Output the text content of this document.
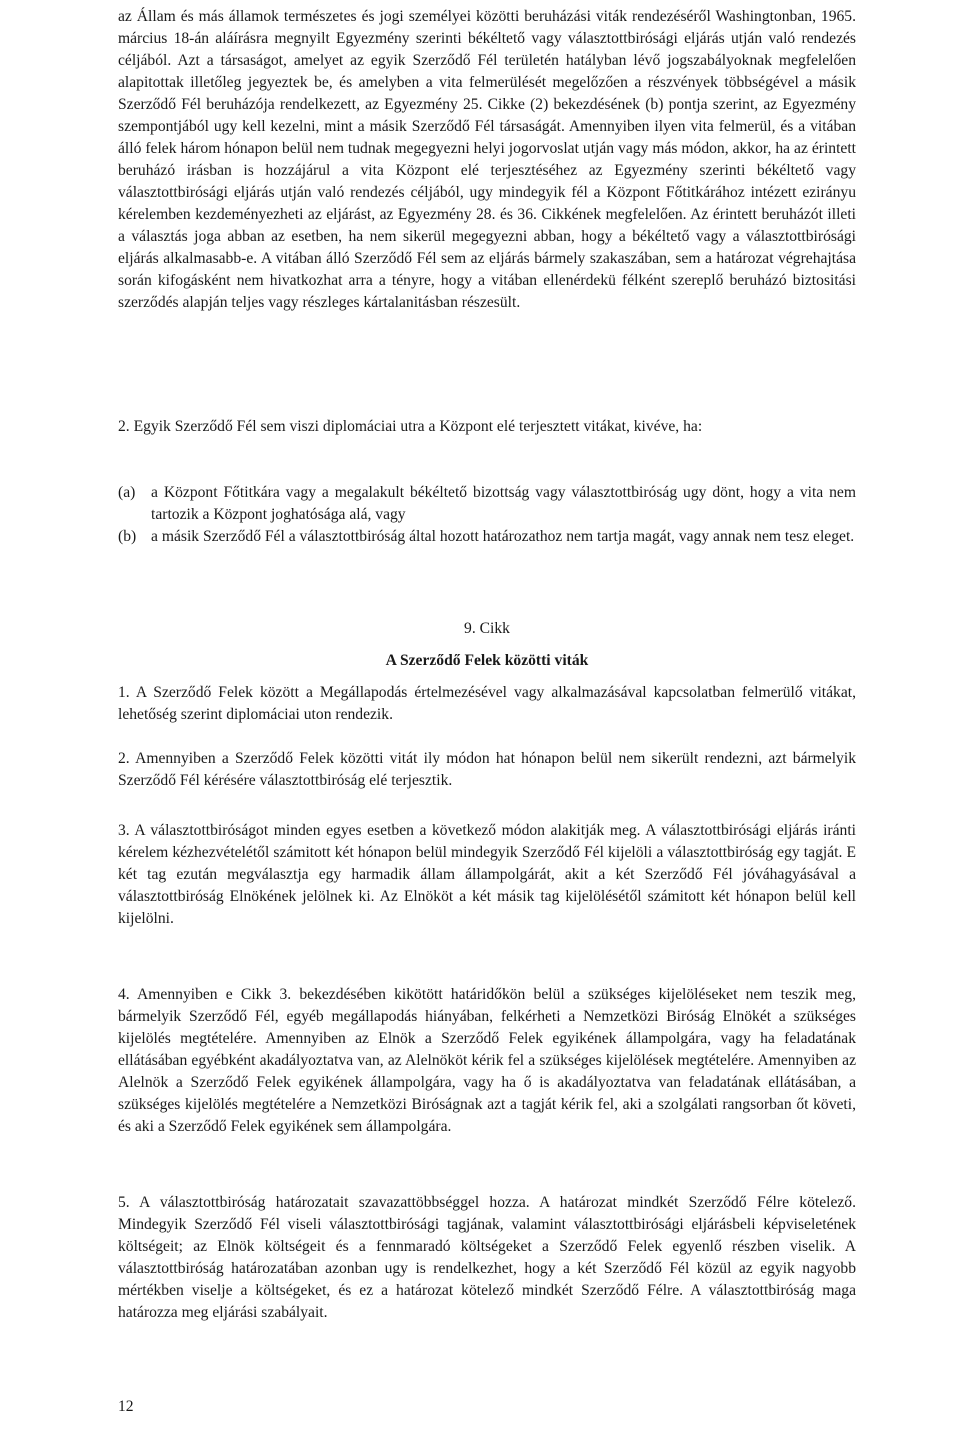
az Állam és más államok természetes és jogi személyei közötti beruházási viták rendezéséről Washingtonban, 1965. március 18-án aláírásra megnyilt Egyezmény szerinti békéltető vagy választottbirósági eljárás utján való rendezés céljából. Azt a társaságot, amelyet az egyik Szerződő Fél területén hatályban lévő jogszabályoknak megfelelően alapitottak illetőleg jegyeztek be, és amelyben a vita felmerülését megelőzően a részvények többségével a másik Szerződő Fél beruházója rendelkezett, az Egyezmény 25. Cikke (2) bekezdésének (b) pontja szerint, az Egyezmény szempontjából ugy kell kezelni, mint a másik Szerződő Fél társaságát. Amennyiben ilyen vita felmerül, és a vitában álló felek három hónapon belül nem tudnak megegyezni helyi jogorvoslat utján vagy más módon, akkor, ha az érintett beruházó irásban is hozzájárul a vita Központ elé terjesztéséhez az Egyezmény szerinti békéltető vagy választottbirósági eljárás utján való rendezés céljából, ugy mindegyik fél a Központ Főtitkárához intézett ezirányu kérelemben kezdeményezheti az eljárást, az Egyezmény 28. és 36. Cikkének megfelelően. Az érintett beruházót illeti a választás joga abban az esetben, ha nem sikerül megegyezni abban, hogy a békéltető vagy a választottbirósági eljárás alkalmasabb-e. A vitában álló Szerződő Fél sem az eljárás bármely szakaszában, sem a határozat végrehajtása során kifogásként nem hivatkozhat arra a tényre, hogy a vitában ellenérdekü félként szereplő beruházó biztositási szerződés alapján teljes vagy részleges kártalanitásban részesült.

2. Egyik Szerződő Fél sem viszi diplomáciai utra a Központ elé terjesztett vitákat, kivéve, ha:

(a) a Központ Főtitkára vagy a megalakult békéltető bizottság vagy választottbiróság ugy dönt, hogy a vita nem tartozik a Központ joghatósága alá, vagy
(b) a másik Szerződő Fél a választottbiróság által hozott határozathoz nem tartja magát, vagy annak nem tesz eleget.
9. Cikk
A Szerződő Felek közötti viták

1. A Szerződő Felek között a Megállapodás értelmezésével vagy alkalmazásával kapcsolatban felmerülő vitákat, lehetőség szerint diplomáciai uton rendezik.

2. Amennyiben a Szerződő Felek közötti vitát ily módon hat hónapon belül nem sikerült rendezni, azt bármelyik Szerződő Fél kérésére választottbiróság elé terjesztik.

3. A választottbiróságot minden egyes esetben a következő módon alakitják meg. A választottbirósági eljárás iránti kérelem kézhezvételétől számitott két hónapon belül mindegyik Szerződő Fél kijelöli a választottbiróság egy tagját. E két tag ezután megválasztja egy harmadik állam állampolgárát, akit a két Szerződő Fél jóváhagyásával a választottbiróság Elnökének jelölnek ki. Az Elnököt a két másik tag kijelölésétől számitott két hónapon belül kell kijelölni.

4. Amennyiben e Cikk 3. bekezdésében kikötött határidőkön belül a szükséges kijelöléseket nem teszik meg, bármelyik Szerződő Fél, egyéb megállapodás hiányában, felkérheti a Nemzetközi Biróság Elnökét a szükséges kijelölés megtételére. Amennyiben az Elnök a Szerződő Felek egyikének állampolgára, vagy ha feladatának ellátásában egyébként akadályoztatva van, az Alelnököt kérik fel a szükséges kijelölések megtételére. Amennyiben az Alelnök a Szerződő Felek egyikének állampolgára, vagy ha ő is akadályoztatva van feladatának ellátásában, a szükséges kijelölés megtételére a Nemzetközi Biróságnak azt a tagját kérik fel, aki a szolgálati rangsorban őt követi, és aki a Szerződő Felek egyikének sem állampolgára.

5. A választottbiróság határozatait szavazattöbbséggel hozza. A határozat mindkét Szerződő Félre kötelező. Mindegyik Szerződő Fél viseli választottbirósági tagjának, valamint választottbirósági eljárásbeli képviseletének költségeit; az Elnök költségeit és a fennmaradó költségeket a Szerződő Felek egyenlő részben viselik. A választottbiróság határozatában azonban ugy is rendelkezhet, hogy a két Szerződő Fél közül az egyik nagyobb mértékben viselje a költségeket, és ez a határozat kötelező mindkét Szerződő Félre. A választottbiróság maga határozza meg eljárási szabályait.

12
